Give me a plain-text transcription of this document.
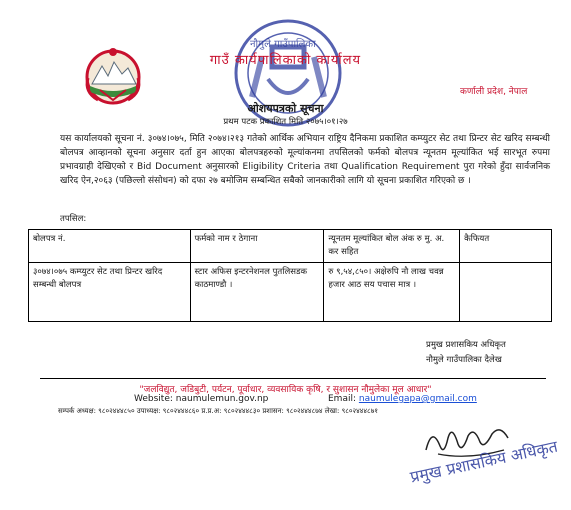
नौमुले गाउँपालिका
गाउँ कार्यपालिकाको कार्यालय
कर्णाली प्रदेश, नेपाल
ओशयपत्रको सूचना
प्रथम पटक प्रकाशित मिति २०७५।०१।२७
यस कार्यालयको सूचना नं. ३०७४।०७५, मिति २०७४।२१३ गतेको आर्थिक अभियान राष्ट्रिय दैनिकमा प्रकाशित कम्प्युटर सेट तथा प्रिन्टर सेट खरिद सम्बन्धी बोलपत्र आव्हानको सूचना अनुसार दर्ता हुन आएका बोलपत्रहरुको मूल्यांकनमा तपसिलको फर्मको बोलपत्र न्यूनतम मूल्यांकित भई सारभूत रुपमा प्रभावग्राही देखिएको र Bid Document अनुसारको Eligibility Criteria तथा Qualification Requirement पुरा गरेको हुँदा सार्वजनिक खरिद ऐन,२०६३ (पछिल्लो संसोधन) को दफा २७ बमोजिम सम्बन्धित सबैको जानकारीको लागि यो सूचना प्रकाशित गरिएको छ ।
तपसिल:
बोलपत्र नं.	फर्मको नाम र ठेगाना	न्यूनतम मूल्यांकित बोल अंक रु मु. अ. कर सहित	कैफियत
३०७४।०७५ कम्प्युटर सेट तथा प्रिन्टर खरिद सम्बन्धी बोलपत्र	स्टार अफिस इन्टरनेशनल पुतलिसडक काठमाण्डौ ।	रु ९,५४,८५०। अक्षेरुपि नौ लाख चवन्न हजार आठ सय पचास मात्र ।	
प्रमुख प्रशासकिय अधिकृत
नौमुले गाउँपालिका दैलेख
"जलविद्युत, जडिबुटी, पर्यटन, पूर्वाधार, व्यवसायिक कृषि, र सुशासन नौमुलेका मूल आधार"
Website: naumulemun.gov.np	Email: naumulegapa@gmail.com
सम्पर्क अध्यक्ष: ९८०२४४४८५० उपाध्यक्ष: ९८०२४४४८६० प्र.प्र.अ: ९८०२४४४८३० प्रशासन: ९८०२४४४८७४ लेखा: ९८०२४४४८७१
प्रमुख प्रशासकिय अधिकृत
